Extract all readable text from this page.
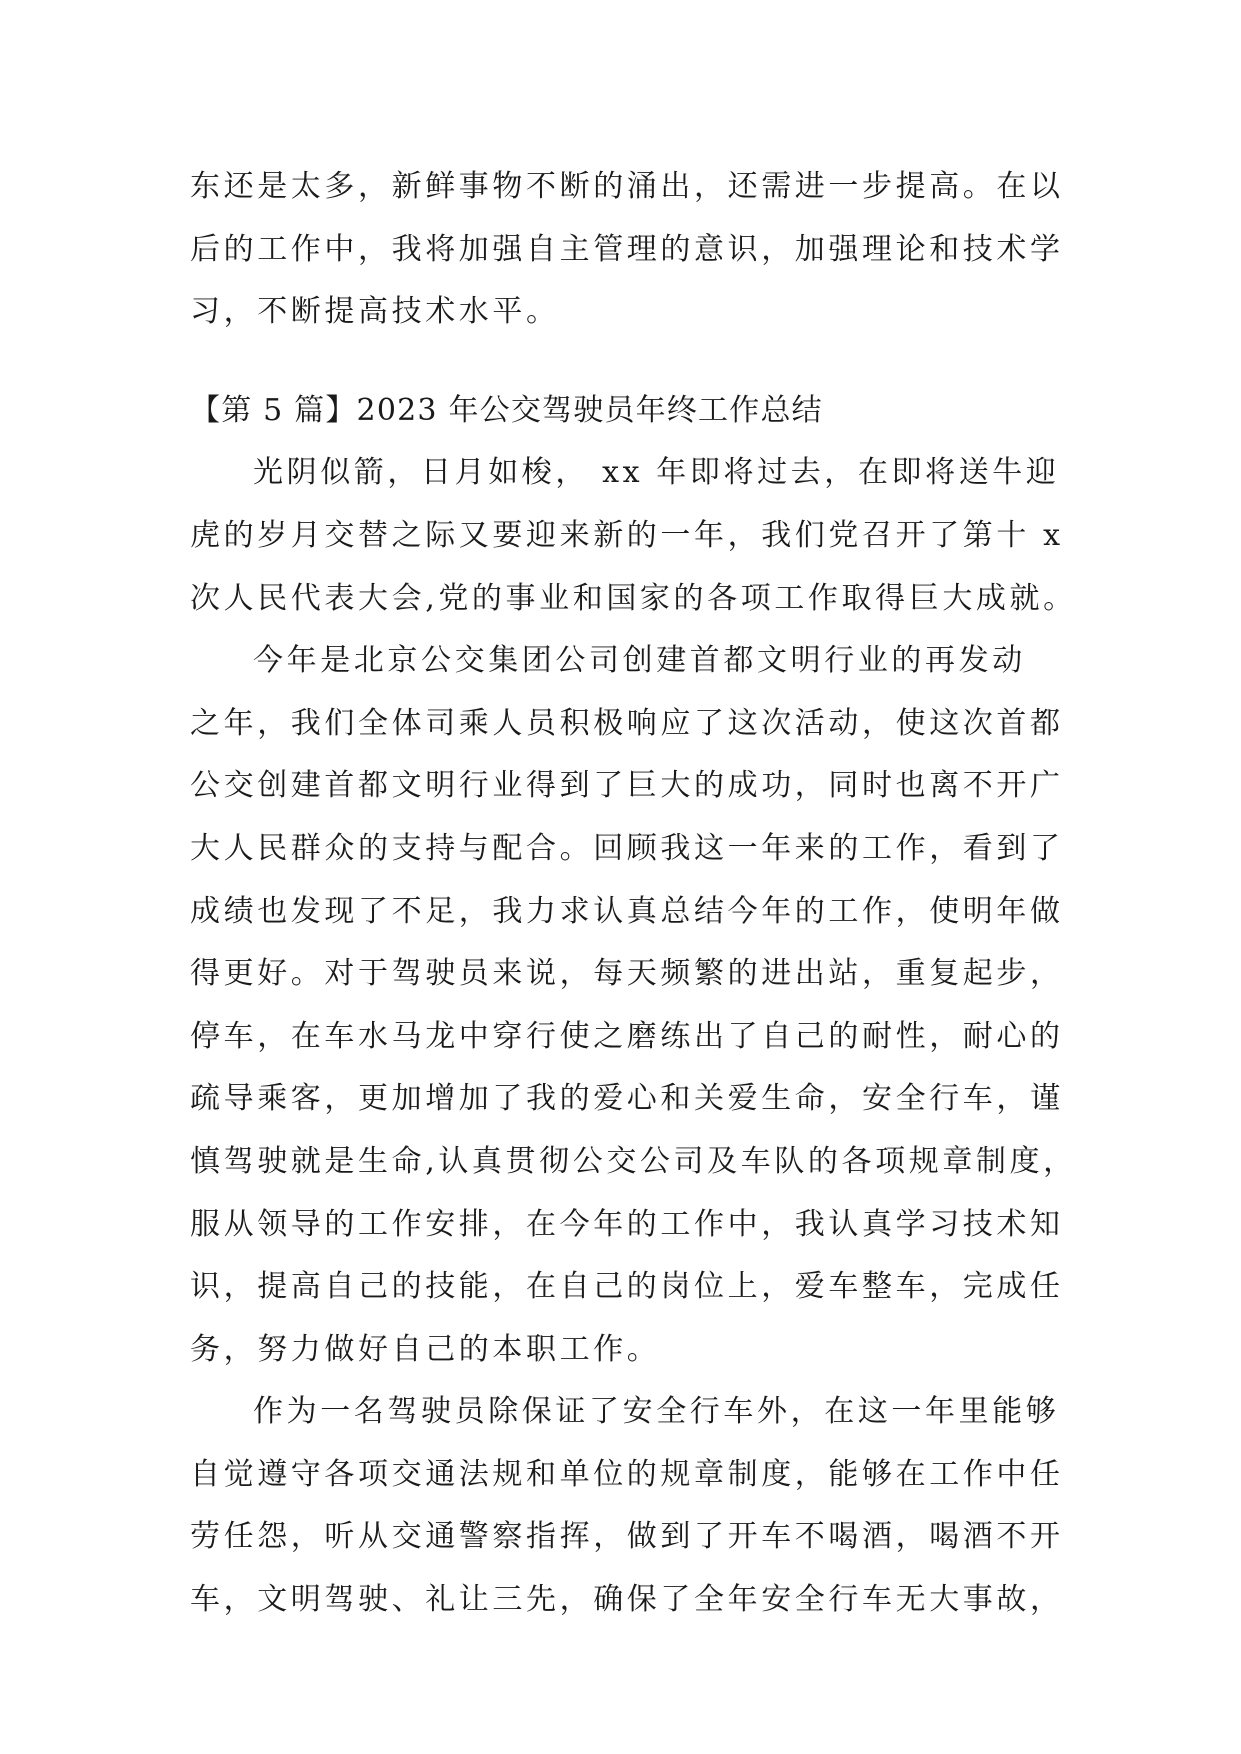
东还是太多，新鲜事物不断的涌出，还需进一步提高。在以
后的工作中，我将加强自主管理的意识，加强理论和技术学
习，不断提高技术水平。
【第 5 篇】2023 年公交驾驶员年终工作总结
光阴似箭，日月如梭， xx 年即将过去，在即将送牛迎
虎的岁月交替之际又要迎来新的一年，我们党召开了第十 x
次人民代表大会,党的事业和国家的各项工作取得巨大成就。
今年是北京公交集团公司创建首都文明行业的再发动
之年，我们全体司乘人员积极响应了这次活动，使这次首都
公交创建首都文明行业得到了巨大的成功，同时也离不开广
大人民群众的支持与配合。回顾我这一年来的工作，看到了
成绩也发现了不足，我力求认真总结今年的工作，使明年做
得更好。对于驾驶员来说，每天频繁的进出站，重复起步，
停车，在车水马龙中穿行使之磨练出了自己的耐性，耐心的
疏导乘客，更加增加了我的爱心和关爱生命，安全行车，谨
慎驾驶就是生命,认真贯彻公交公司及车队的各项规章制度，
服从领导的工作安排，在今年的工作中，我认真学习技术知
识，提高自己的技能，在自己的岗位上，爱车整车，完成任
务，努力做好自己的本职工作。
作为一名驾驶员除保证了安全行车外，在这一年里能够
自觉遵守各项交通法规和单位的规章制度，能够在工作中任
劳任怨，听从交通警察指挥，做到了开车不喝酒，喝酒不开
车，文明驾驶、礼让三先，确保了全年安全行车无大事故，
